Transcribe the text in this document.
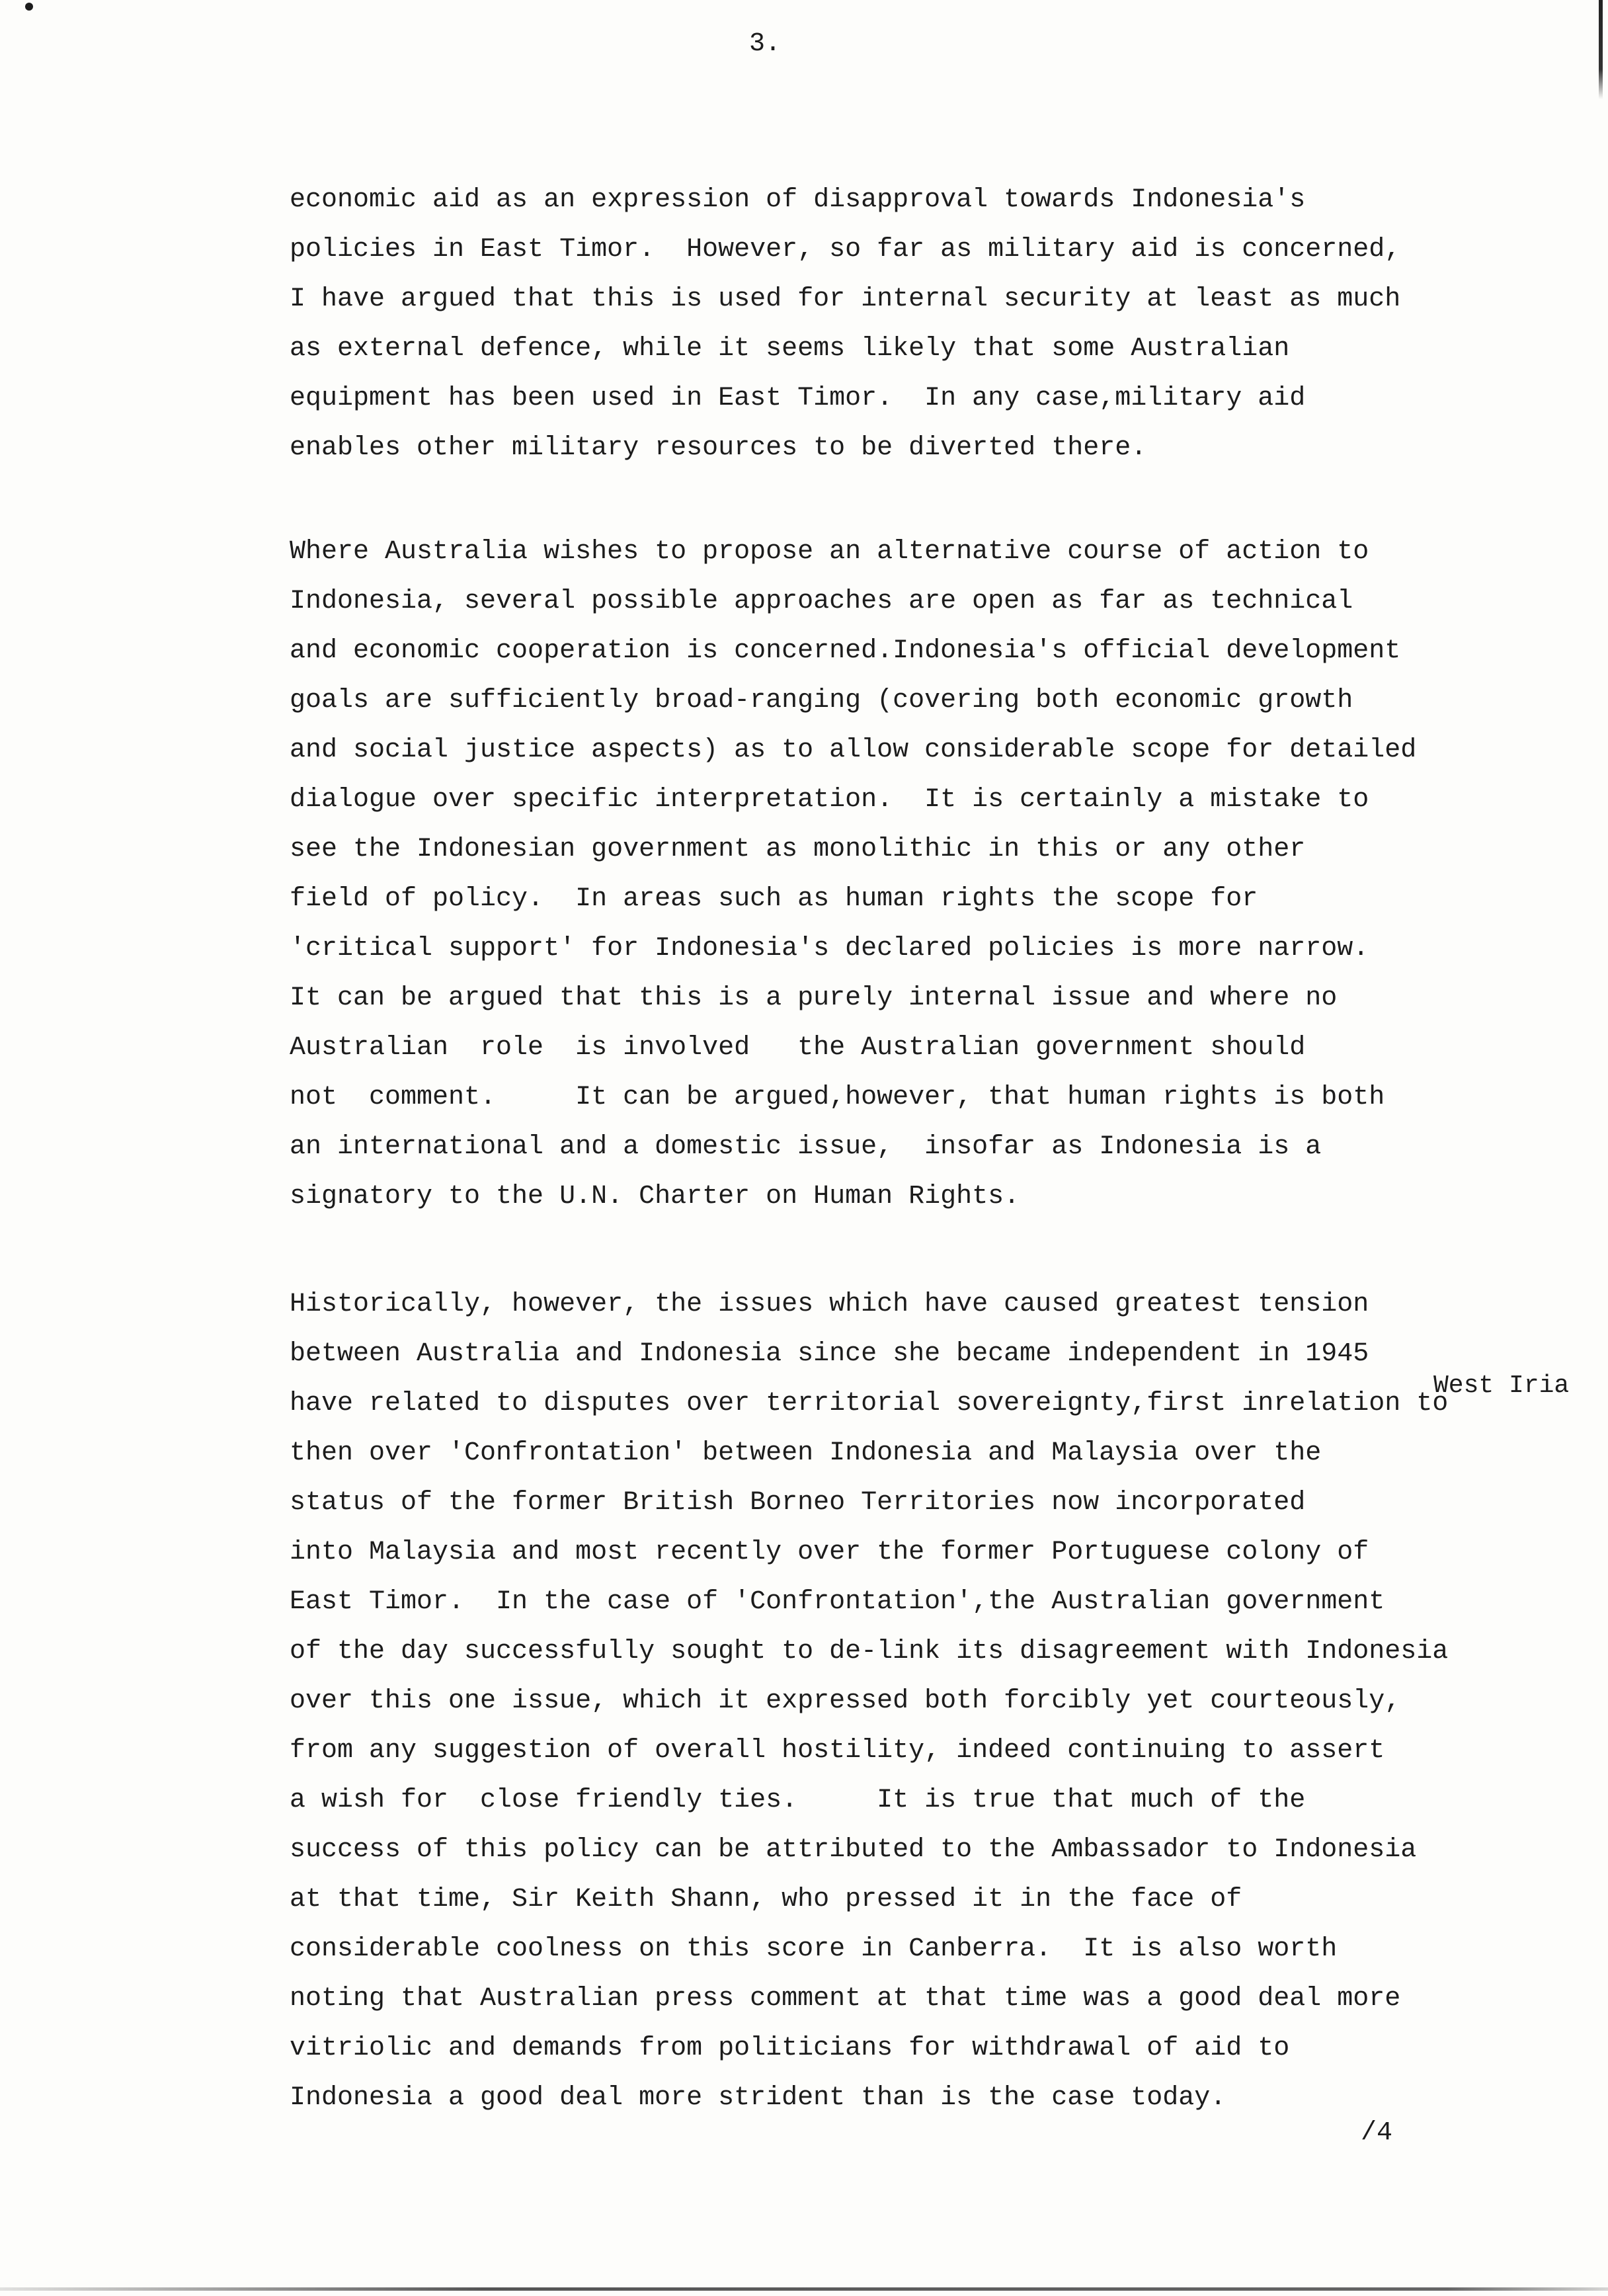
3.
economic aid as an expression of disapproval towards Indonesia's
policies in East Timor.  However, so far as military aid is concerned,
I have argued that this is used for internal security at least as much
as external defence, while it seems likely that some Australian
equipment has been used in East Timor.  In any case,military aid
enables other military resources to be diverted there.
Where Australia wishes to propose an alternative course of action to
Indonesia, several possible approaches are open as far as technical
and economic cooperation is concerned.Indonesia's official development
goals are sufficiently broad-ranging (covering both economic growth
and social justice aspects) as to allow considerable scope for detailed
dialogue over specific interpretation.  It is certainly a mistake to
see the Indonesian government as monolithic in this or any other
field of policy.  In areas such as human rights the scope for
'critical support' for Indonesia's declared policies is more narrow.
It can be argued that this is a purely internal issue and where no
Australian  role  is involved   the Australian government should
not  comment.     It can be argued,however, that human rights is both
an international and a domestic issue,  insofar as Indonesia is a
signatory to the U.N. Charter on Human Rights.
Historically, however, the issues which have caused greatest tension
between Australia and Indonesia since she became independent in 1945
have related to disputes over territorial sovereignty,first inrelation to
then over 'Confrontation' between Indonesia and Malaysia over the
status of the former British Borneo Territories now incorporated
into Malaysia and most recently over the former Portuguese colony of
East Timor.  In the case of 'Confrontation',the Australian government
of the day successfully sought to de-link its disagreement with Indonesia
over this one issue, which it expressed both forcibly yet courteously,
from any suggestion of overall hostility, indeed continuing to assert
a wish for  close friendly ties.     It is true that much of the
success of this policy can be attributed to the Ambassador to Indonesia
at that time, Sir Keith Shann, who pressed it in the face of
considerable coolness on this score in Canberra.  It is also worth
noting that Australian press comment at that time was a good deal more
vitriolic and demands from politicians for withdrawal of aid to
Indonesia a good deal more strident than is the case today.
West Iria
/4
